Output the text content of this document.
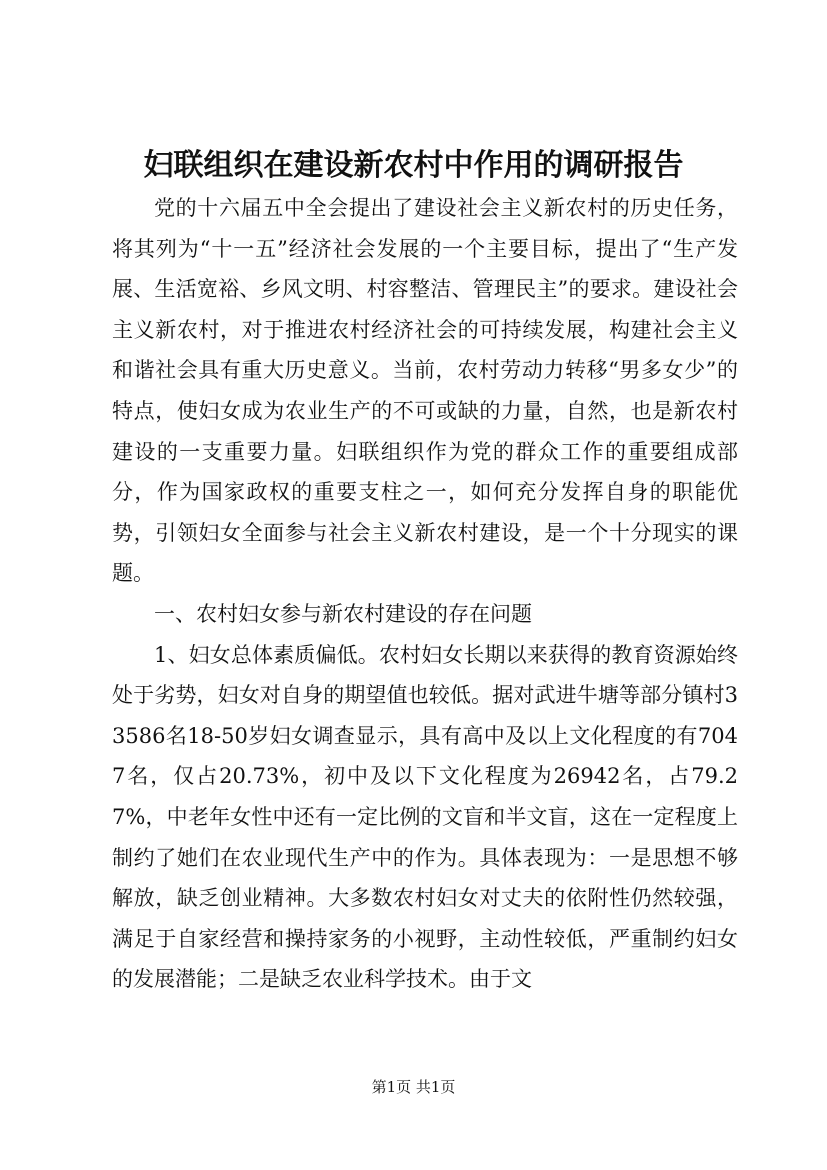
妇联组织在建设新农村中作用的调研报告

党的十六届五中全会提出了建设社会主义新农村的历史任务，将其列为“十一五”经济社会发展的一个主要目标，提出了“生产发展、生活宽裕、乡风文明、村容整洁、管理民主”的要求。建设社会主义新农村，对于推进农村经济社会的可持续发展，构建社会主义和谐社会具有重大历史意义。当前，农村劳动力转移“男多女少”的特点，使妇女成为农业生产的不可或缺的力量，自然，也是新农村建设的一支重要力量。妇联组织作为党的群众工作的重要组成部分，作为国家政权的重要支柱之一，如何充分发挥自身的职能优势，引领妇女全面参与社会主义新农村建设，是一个十分现实的课题。

一、农村妇女参与新农村建设的存在问题

1、妇女总体素质偏低。农村妇女长期以来获得的教育资源始终处于劣势，妇女对自身的期望值也较低。据对武进牛塘等部分镇村33586名18-50岁妇女调查显示，具有高中及以上文化程度的有7047名，仅占20.73%，初中及以下文化程度为26942名，占79.27%，中老年女性中还有一定比例的文盲和半文盲，这在一定程度上制约了她们在农业现代生产中的作为。具体表现为：一是思想不够解放，缺乏创业精神。大多数农村妇女对丈夫的依附性仍然较强，满足于自家经营和操持家务的小视野，主动性较低，严重制约妇女的发展潜能；二是缺乏农业科学技术。由于文

第1页 共1页
